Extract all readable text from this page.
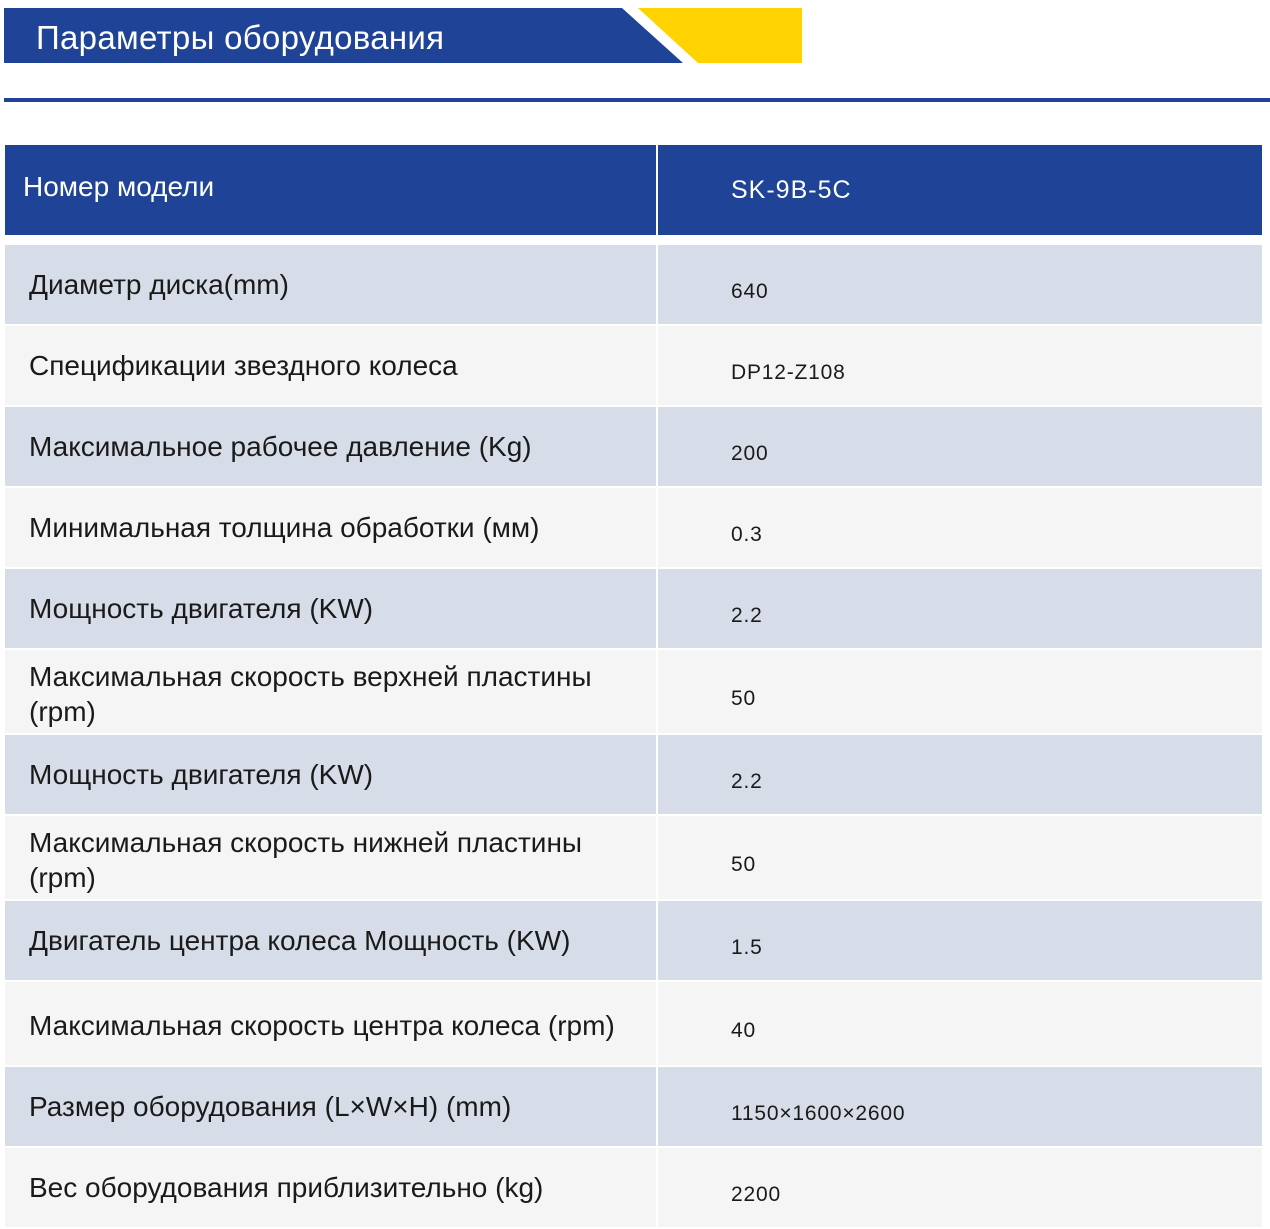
Параметры оборудования
Номер модели	SK-9B-5C

Диаметр диска(mm)	640
Спецификации звездного колеса	DP12-Z108
Максимальное рабочее давление (Kg)	200
Минимальная толщина обработки (мм)	0.3
Мощность двигателя (KW)	2.2
Максимальная скорость верхней пластины (rpm)	50
Мощность двигателя (KW)	2.2
Максимальная скорость нижней пластины (rpm)	50
Двигатель центра колеса Мощность (KW)	1.5
Максимальная скорость центра колеса (rpm)	40
Размер оборудования (L×W×H) (mm)	1150×1600×2600
Вес оборудования приблизительно (kg)	2200
